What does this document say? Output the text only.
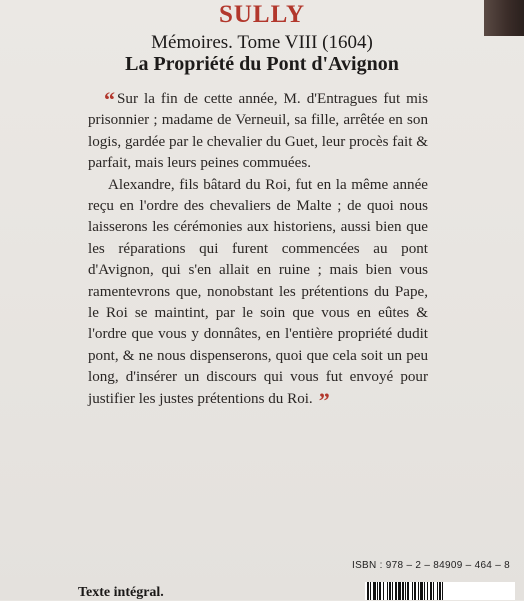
SULLY
Mémoires. Tome VIII (1604)
La Propriété du Pont d'Avignon

“ Sur la fin de cette année, M. d'Entragues fut mis prisonnier ; madame de Verneuil, sa fille, arrêtée en son logis, gardée par le chevalier du Guet, leur procès fait & parfait, mais leurs peines commuées.

Alexandre, fils bâtard du Roi, fut en la même année reçu en l'ordre des chevaliers de Malte ; de quoi nous laisserons les cérémonies aux historiens, aussi bien que les réparations qui furent commencées au pont d'Avignon, qui s'en allait en ruine ; mais bien vous ramentevrons que, nonobstant les prétentions du Pape, le Roi se maintint, par le soin que vous en eûtes & l'ordre que vous y donnâtes, en l'entière propriété dudit pont, & ne nous dispenserons, quoi que cela soit un peu long, d'insérer un discours qui vous fut envoyé pour justifier les justes prétentions du Roi. ”

ISBN : 978 – 2 – 84909 – 464 – 8
Texte intégral.
